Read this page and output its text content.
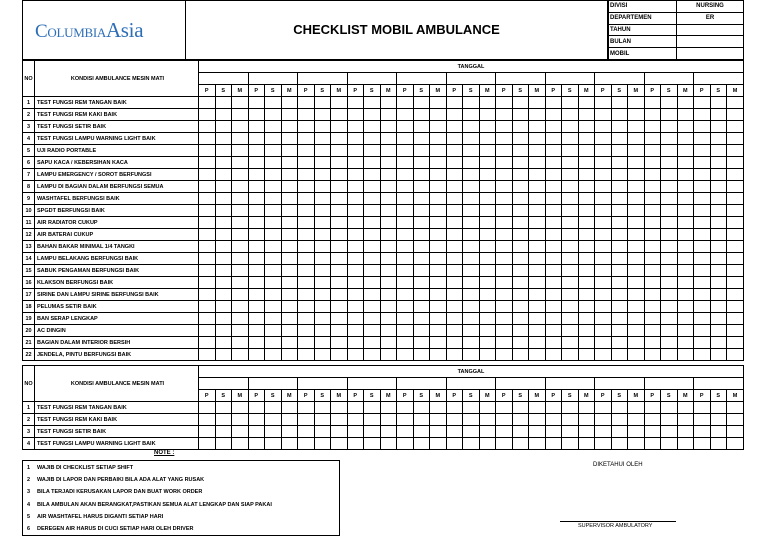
ColumbiaAsia	CHECKLIST MOBIL AMBULANCE
DIVISI	NURSING
DEPARTEMEN	ER
TAHUN	
BULAN	
MOBIL	
NO	KONDISI AMBULANCE MESIN MATI	TANGGAL																																

		P	S	M	P	S	M	P	S	M	P	S	M	P	S	M	P	S	M	P	S	M	P	S	M	P	S	M	P	S	M	P	S	M
1	TEST FUNGSI REM TANGAN BAIK																																	
2	TEST FUNGSI REM KAKI BAIK																																	
3	TEST FUNGSI SETIR BAIK																																	
4	TEST FUNGSI LAMPU WARNING LIGHT BAIK																																	
5	UJI RADIO PORTABLE																																	
6	SAPU KACA / KEBERSIHAN KACA																																	
7	LAMPU EMERGENCY / SOROT BERFUNGSI																																	
8	LAMPU DI BAGIAN DALAM BERFUNGSI SEMUA																																	
9	WASHTAFEL BERFUNGSI BAIK																																	
10	SPGDT BERFUNGSI BAIK																																	
11	AIR RADIATOR CUKUP																																	
12	AIR BATERAI CUKUP																																	
13	BAHAN BAKAR MINIMAL 1/4 TANGKI																																	
14	LAMPU BELAKANG BERFUNGSI BAIK																																	
15	SABUK PENGAMAN BERFUNGSI BAIK																																	
16	KLAKSON BERFUNGSI BAIK																																	
17	SIRINE DAN LAMPU SIRINE BERFUNGSI BAIK																																	
18	PELUMAS SETIR BAIK																																	
19	BAN SERAP LENGKAP																																	
20	AC DINGIN																																	
21	BAGIAN DALAM INTERIOR BERSIH																																	
22	JENDELA, PINTU BERFUNGSI BAIK																																	
NO	KONDISI AMBULANCE MESIN MATI	TANGGAL																																

		P	S	M	P	S	M	P	S	M	P	S	M	P	S	M	P	S	M	P	S	M	P	S	M	P	S	M	P	S	M	P	S	M
1	TEST FUNGSI REM TANGAN BAIK																																	
2	TEST FUNGSI REM KAKI BAIK																																	
3	TEST FUNGSI SETIR BAIK																																	
4	TEST FUNGSI LAMPU WARNING LIGHT BAIK																																	
NOTE :
1 WAJIB DI CHECKLIST SETIAP SHIFT
2 WAJIB DI LAPOR DAN PERBAIKI BILA ADA ALAT YANG RUSAK
3 BILA TERJADI KERUSAKAN LAPOR DAN BUAT WORK ORDER
4 BILA AMBULAN AKAN BERANGKAT,PASTIKAN SEMUA ALAT LENGKAP DAN SIAP PAKAI
5 AIR WASHTAFEL HARUS DIGANTI SETIAP HARI
6 DEREGEN AIR HARUS DI CUCI SETIAP HARI OLEH DRIVER
DIKETAHUI OLEH
SUPERVISOR AMBULATORY
